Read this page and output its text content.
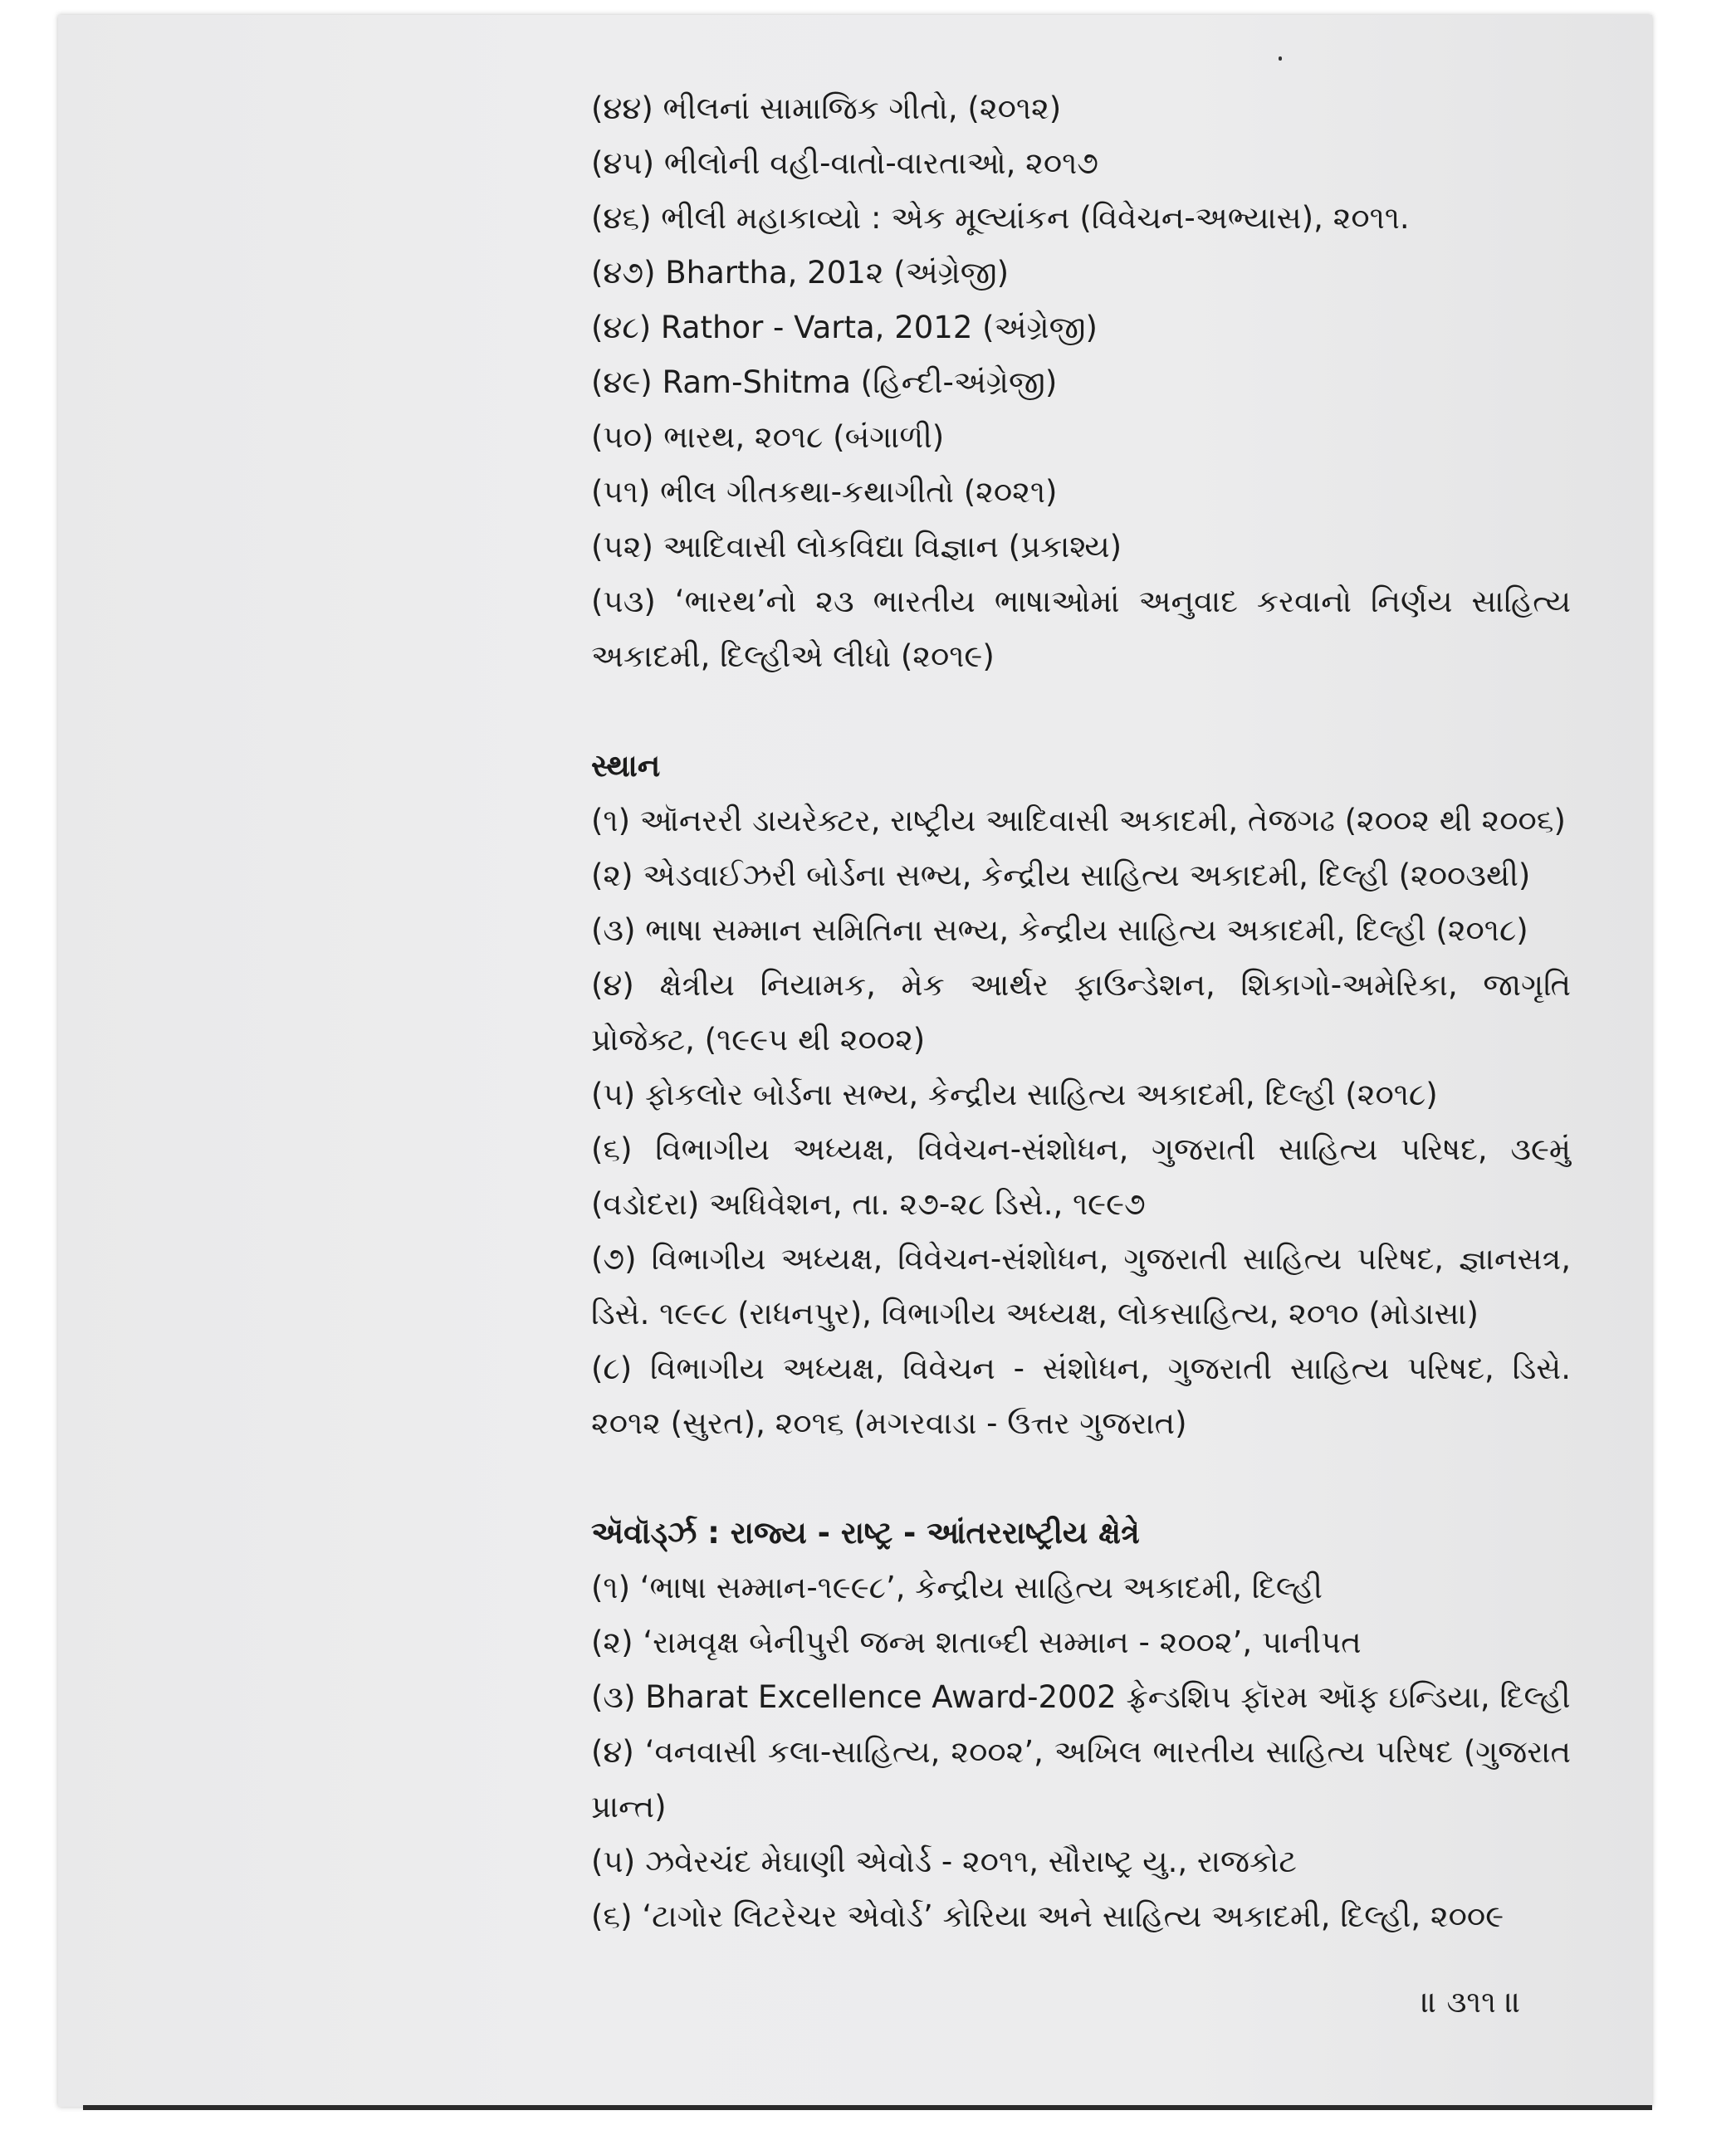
(૪૪) ભીલનાં સામાજિક ગીતો, (૨૦૧૨)
(૪૫) ભીલોની વહી-વાતો-વારતાઓ, ૨૦૧૭
(૪૬) ભીલી મહાકાવ્યો : એક મૂલ્યાંકન (વિવેચન-અભ્યાસ), ૨૦૧૧.
(૪૭) Bhartha, 201૨ (અંગ્રેજી)
(૪૮) Rathor - Varta, 2012 (અંગ્રેજી)
(૪૯) Ram-Shitma (હિન્દી-અંગ્રેજી)
(૫૦) ભારથ, ૨૦૧૮ (બંગાળી)
(૫૧) ભીલ ગીતકથા-કથાગીતો (૨૦૨૧)
(૫૨) આદિવાસી લોકવિદ્યા વિજ્ઞાન (પ્રકાશ્ય)
(૫૩) ‘ભારથ’નો ૨૩ ભારતીય ભાષાઓમાં અનુવાદ કરવાનો નિર્ણય સાહિત્ય અકાદમી, દિલ્હીએ લીધો (૨૦૧૯)
સ્થાન
(૧) ઑનરરી ડાયરેક્ટર, રાષ્ટ્રીય આદિવાસી અકાદમી, તેજગઢ (૨૦૦૨ થી ૨૦૦૬)
(૨) એડવાઈઝરી બોર્ડના સભ્ય, કેન્દ્રીય સાહિત્ય અકાદમી, દિલ્હી (૨૦૦૩થી)
(૩) ભાષા સમ્માન સમિતિના સભ્ય, કેન્દ્રીય સાહિત્ય અકાદમી, દિલ્હી (૨૦૧૮)
(૪) ક્ષેત્રીય નિયામક, મેક આર્થર ફાઉન્ડેશન, શિકાગો-અમેરિકા, જાગૃતિ પ્રોજેક્ટ, (૧૯૯૫ થી ૨૦૦૨)
(૫) ફોકલોર બોર્ડના સભ્ય, કેન્દ્રીય સાહિત્ય અકાદમી, દિલ્હી (૨૦૧૮)
(૬) વિભાગીય અધ્યક્ષ, વિવેચન-સંશોધન, ગુજરાતી સાહિત્ય પરિષદ, ૩૯મું (વડોદરા) અધિવેશન, તા. ૨૭-૨૮ ડિસે., ૧૯૯૭
(૭) વિભાગીય અધ્યક્ષ, વિવેચન-સંશોધન, ગુજરાતી સાહિત્ય પરિષદ, જ્ઞાનસત્ર, ડિસે. ૧૯૯૮ (રાધનપુર), વિભાગીય અધ્યક્ષ, લોકસાહિત્ય, ૨૦૧૦ (મોડાસા)
(૮) વિભાગીય અધ્યક્ષ, વિવેચન - સંશોધન, ગુજરાતી સાહિત્ય પરિષદ, ડિસે. ૨૦૧૨ (સુરત), ૨૦૧૬ (મગરવાડા - ઉત્તર ગુજરાત)
ઍવૉર્ડ્ઝ : રાજ્ય - રાષ્ટ્ર - આંતરરાષ્ટ્રીય ક્ષેત્રે
(૧) ‘ભાષા સમ્માન-૧૯૯૮’, કેન્દ્રીય સાહિત્ય અકાદમી, દિલ્હી
(૨) ‘રામવૃક્ષ બેનીપુરી જન્મ શતાબ્દી સમ્માન - ૨૦૦૨’, પાનીપત
(૩) Bharat Excellence Award-2002 ફ્રેન્ડશિપ ફૉરમ ઑફ ઇન્ડિયા, દિલ્હી
(૪) ‘વનવાસી કલા-સાહિત્ય, ૨૦૦૨’, અખિલ ભારતીય સાહિત્ય પરિષદ (ગુજરાત પ્રાન્ત)
(૫) ઝવેરચંદ મેઘાણી એવોર્ડ - ૨૦૧૧, સૌરાષ્ટ્ર યુ., રાજકોટ
(૬) ‘ટાગોર લિટરેચર એવોર્ડ’ કોરિયા અને સાહિત્ય અકાદમી, દિલ્હી, ૨૦૦૯
॥ ૩૧૧ ॥
